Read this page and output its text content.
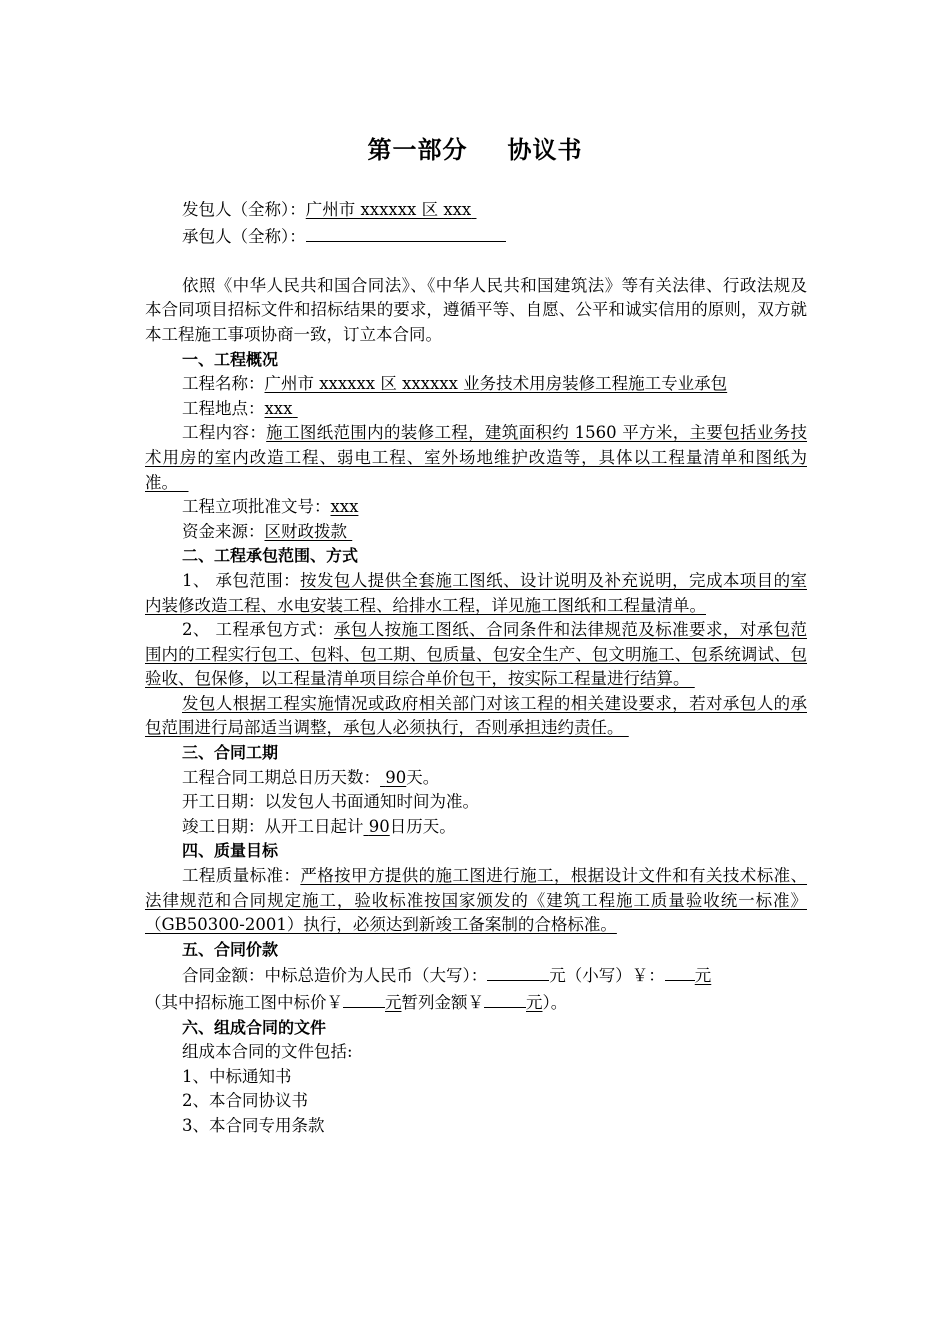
第一部分 协议书

发包人（全称）：广州市 xxxxxx 区 xxx

承包人（全称）：

依照《中华人民共和国合同法》、《中华人民共和国建筑法》等有关法律、行政法规及本合同项目招标文件和招标结果的要求，遵循平等、自愿、公平和诚实信用的原则，双方就本工程施工事项协商一致，订立本合同。

一、工程概况

工程名称：广州市 xxxxxx 区 xxxxxx 业务技术用房装修工程施工专业承包

工程地点：xxx

工程内容：施工图纸范围内的装修工程，建筑面积约 1560 平方米，主要包括业务技术用房的室内改造工程、弱电工程、室外场地维护改造等，具体以工程量清单和图纸为准。

工程立项批准文号：xxx

资金来源：区财政拨款

二、工程承包范围、方式

1、 承包范围：按发包人提供全套施工图纸、设计说明及补充说明，完成本项目的室内装修改造工程、水电安装工程、给排水工程，详见施工图纸和工程量清单。

2、 工程承包方式：承包人按施工图纸、合同条件和法律规范及标准要求，对承包范围内的工程实行包工、包料、包工期、包质量、包安全生产、包文明施工、包系统调试、包验收、包保修，以工程量清单项目综合单价包干，按实际工程量进行结算。

发包人根据工程实施情况或政府相关部门对该工程的相关建设要求，若对承包人的承包范围进行局部适当调整，承包人必须执行，否则承担违约责任。

三、合同工期

工程合同工期总日历天数： 90天。

开工日期：以发包人书面通知时间为准。

竣工日期：从开工日起计 90日历天。

四、质量目标

工程质量标准：严格按甲方提供的施工图进行施工，根据设计文件和有关技术标准、法律规范和合同规定施工，验收标准按国家颁发的《建筑工程施工质量验收统一标准》（GB50300-2001）执行，必须达到新竣工备案制的合格标准。

五、合同价款

合同金额：中标总造价为人民币（大写）：	元（小写）￥： 元

（其中招标施工图中标价￥	元暂列金额￥	元）。

六、组成合同的文件

组成本合同的文件包括:

1、中标通知书

2、本合同协议书

3、本合同专用条款
